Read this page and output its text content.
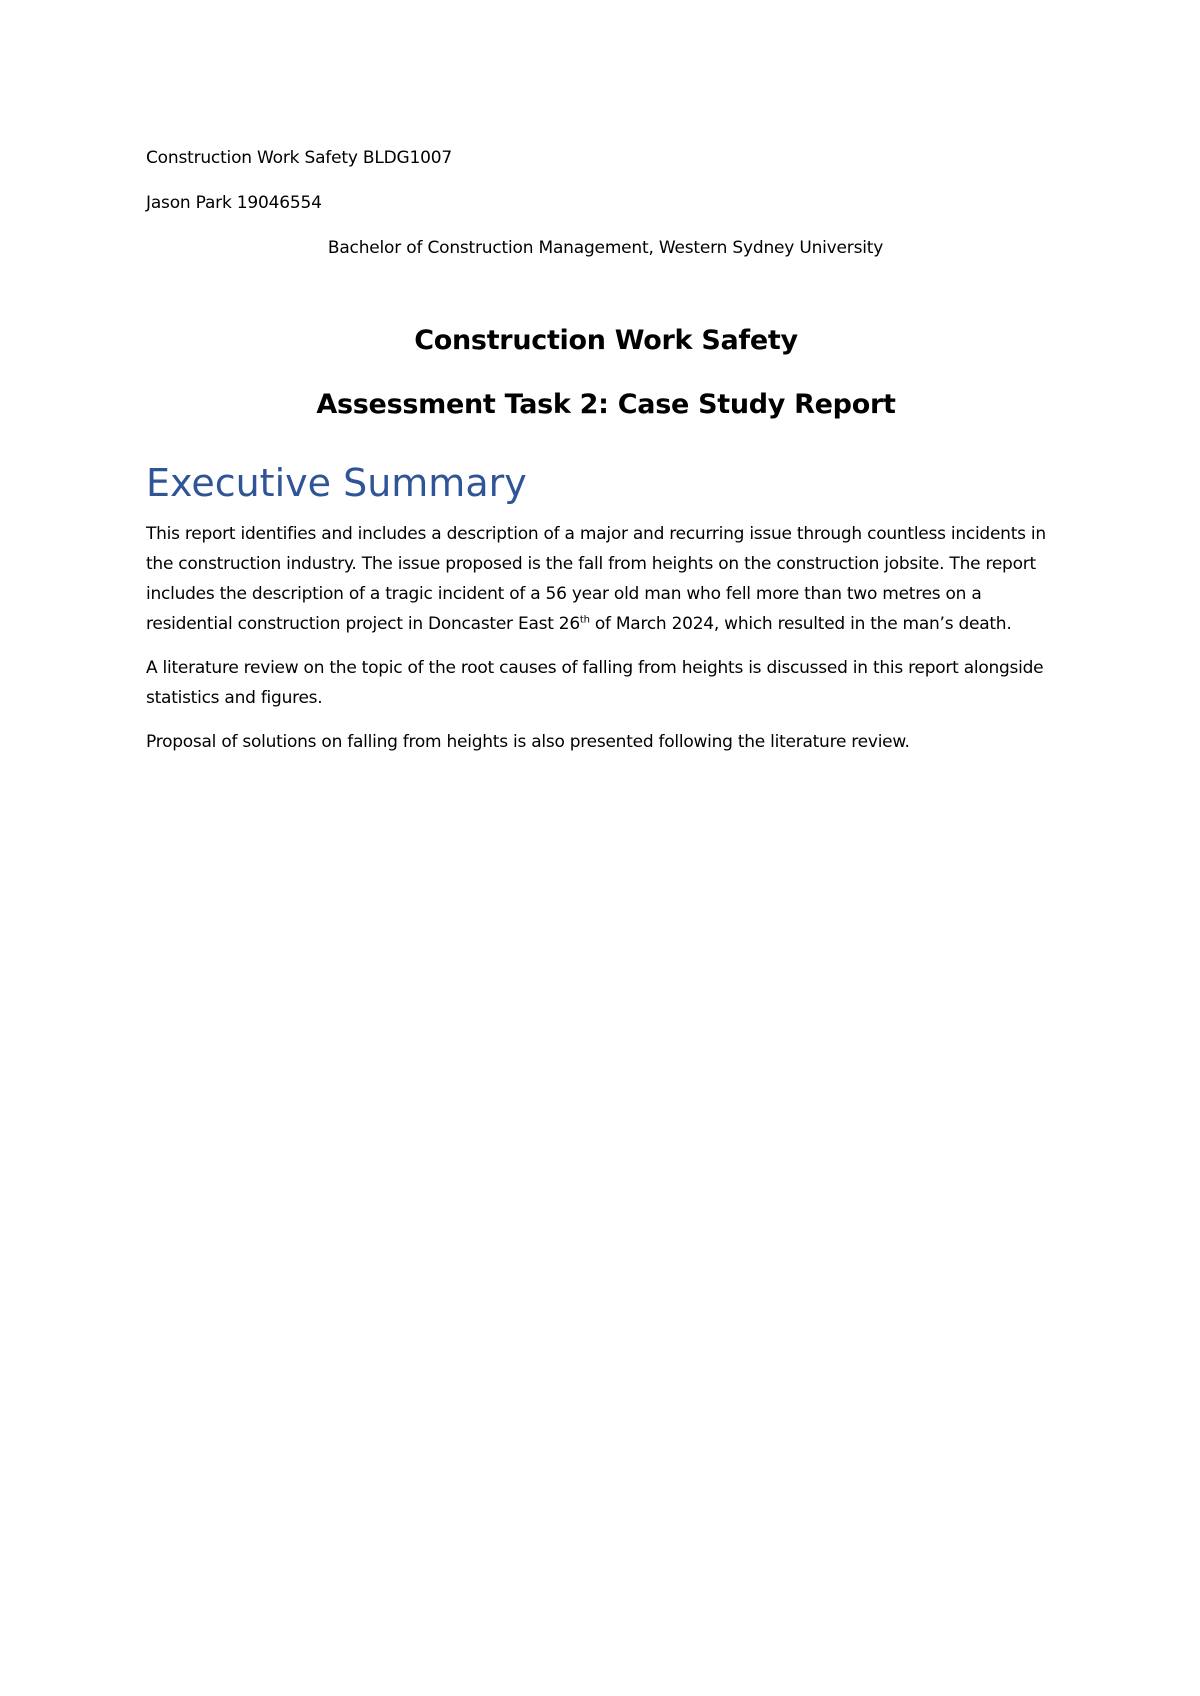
Construction Work Safety BLDG1007

Jason Park 19046554

Bachelor of Construction Management, Western Sydney University

Construction Work Safety

Assessment Task 2: Case Study Report

Executive Summary

This report identifies and includes a description of a major and recurring issue through countless incidents in the construction industry. The issue proposed is the fall from heights on the construction jobsite. The report includes the description of a tragic incident of a 56 year old man who fell more than two metres on a residential construction project in Doncaster East 26th of March 2024, which resulted in the man’s death.

A literature review on the topic of the root causes of falling from heights is discussed in this report alongside statistics and figures.

Proposal of solutions on falling from heights is also presented following the literature review.
